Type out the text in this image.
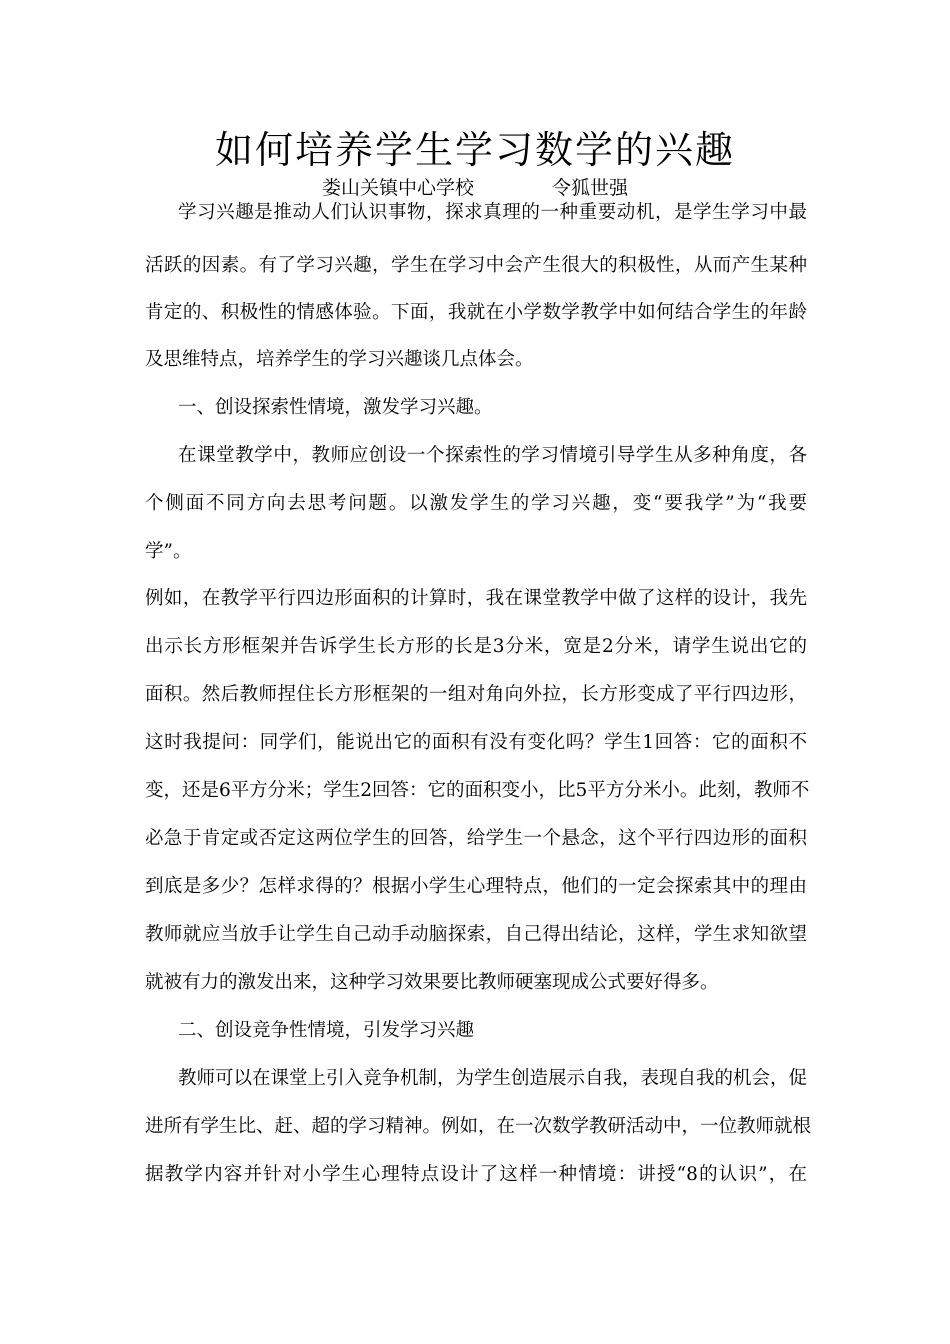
如何培养学生学习数学的兴趣
娄山关镇中心学校	令狐世强
学习兴趣是推动人们认识事物，探求真理的一种重要动机，是学生学习中最
活跃的因素。有了学习兴趣，学生在学习中会产生很大的积极性，从而产生某种
肯定的、积极性的情感体验。下面，我就在小学数学教学中如何结合学生的年龄
及思维特点，培养学生的学习兴趣谈几点体会。
一、创设探索性情境，激发学习兴趣。
在课堂教学中，教师应创设一个探索性的学习情境引导学生从多种角度，各
个侧面不同方向去思考问题。以激发学生的学习兴趣，变“要我学”为“我要
学”。
例如，在教学平行四边形面积的计算时，我在课堂教学中做了这样的设计，我先
出示长方形框架并告诉学生长方形的长是3分米，宽是2分米，请学生说出它的
面积。然后教师捏住长方形框架的一组对角向外拉，长方形变成了平行四边形，
这时我提问：同学们，能说出它的面积有没有变化吗？学生1回答：它的面积不
变，还是6平方分米；学生2回答：它的面积变小，比5平方分米小。此刻，教师不
必急于肯定或否定这两位学生的回答，给学生一个悬念，这个平行四边形的面积
到底是多少？怎样求得的？根据小学生心理特点，他们的一定会探索其中的理由
教师就应当放手让学生自己动手动脑探索，自己得出结论，这样，学生求知欲望
就被有力的激发出来，这种学习效果要比教师硬塞现成公式要好得多。
二、创设竞争性情境，引发学习兴趣
教师可以在课堂上引入竞争机制，为学生创造展示自我，表现自我的机会，促
进所有学生比、赶、超的学习精神。例如，在一次数学教研活动中，一位教师就根
据教学内容并针对小学生心理特点设计了这样一种情境：讲授“8的认识”，在
